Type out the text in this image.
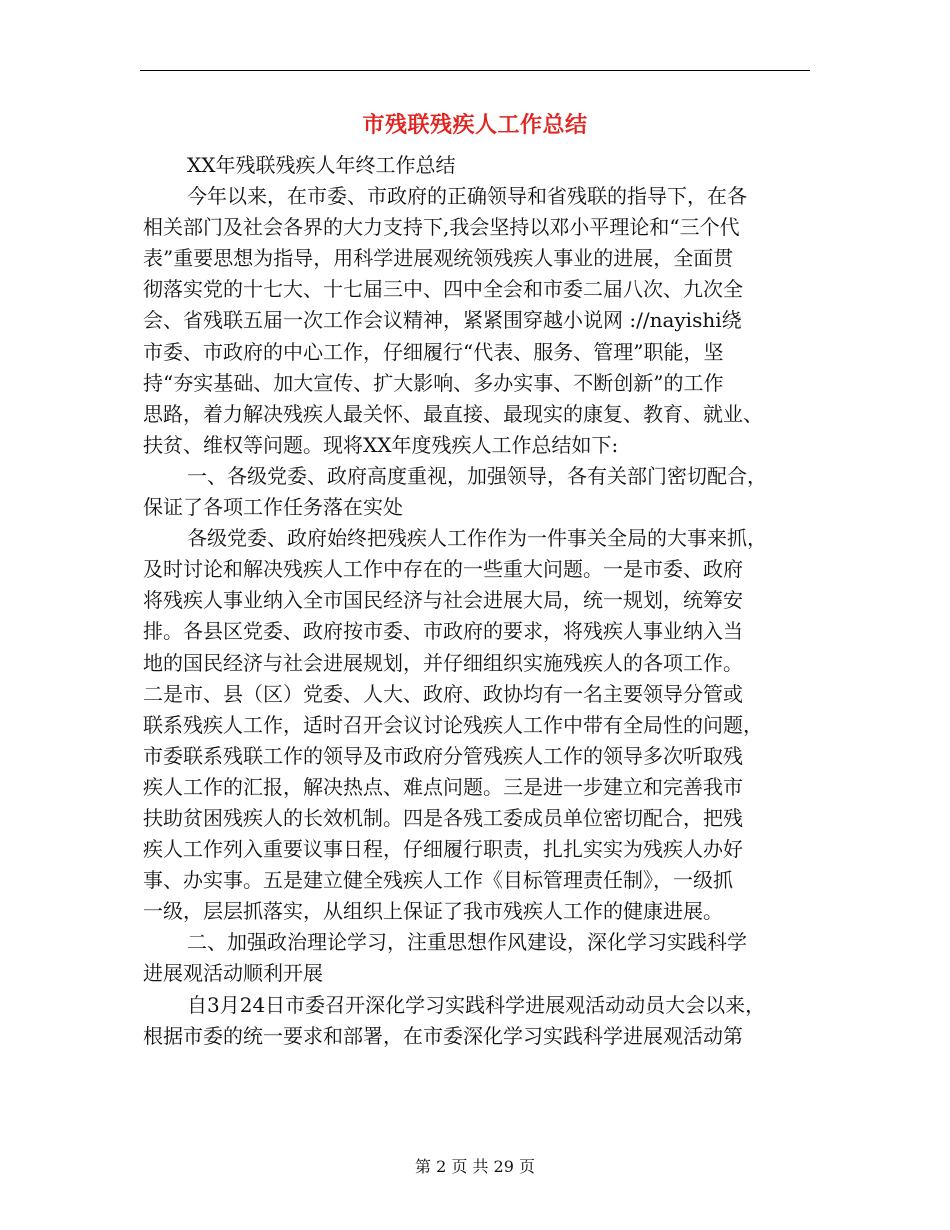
市残联残疾人工作总结
XX年残联残疾人年终工作总结
今年以来，在市委、市政府的正确领导和省残联的指导下，在各
相关部门及社会各界的大力支持下,我会坚持以邓小平理论和“三个代
表”重要思想为指导，用科学进展观统领残疾人事业的进展，全面贯
彻落实党的十七大、十七届三中、四中全会和市委二届八次、九次全
会、省残联五届一次工作会议精神，紧紧围穿越小说网 ://nayishi绕
市委、市政府的中心工作，仔细履行“代表、服务、管理”职能，坚
持“夯实基础、加大宣传、扩大影响、多办实事、不断创新”的工作
思路，着力解决残疾人最关怀、最直接、最现实的康复、教育、就业、
扶贫、维权等问题。现将XX年度残疾人工作总结如下:
一、各级党委、政府高度重视，加强领导，各有关部门密切配合，
保证了各项工作任务落在实处
各级党委、政府始终把残疾人工作作为一件事关全局的大事来抓，
及时讨论和解决残疾人工作中存在的一些重大问题。一是市委、政府
将残疾人事业纳入全市国民经济与社会进展大局，统一规划，统筹安
排。各县区党委、政府按市委、市政府的要求，将残疾人事业纳入当
地的国民经济与社会进展规划，并仔细组织实施残疾人的各项工作。
二是市、县（区）党委、人大、政府、政协均有一名主要领导分管或
联系残疾人工作，适时召开会议讨论残疾人工作中带有全局性的问题，
市委联系残联工作的领导及市政府分管残疾人工作的领导多次听取残
疾人工作的汇报，解决热点、难点问题。三是进一步建立和完善我市
扶助贫困残疾人的长效机制。四是各残工委成员单位密切配合，把残
疾人工作列入重要议事日程，仔细履行职责，扎扎实实为残疾人办好
事、办实事。五是建立健全残疾人工作《目标管理责任制》，一级抓
一级，层层抓落实，从组织上保证了我市残疾人工作的健康进展。
二、加强政治理论学习，注重思想作风建设，深化学习实践科学
进展观活动顺利开展
自3月24日市委召开深化学习实践科学进展观活动动员大会以来，
根据市委的统一要求和部署，在市委深化学习实践科学进展观活动第
第 2 页 共 29 页
